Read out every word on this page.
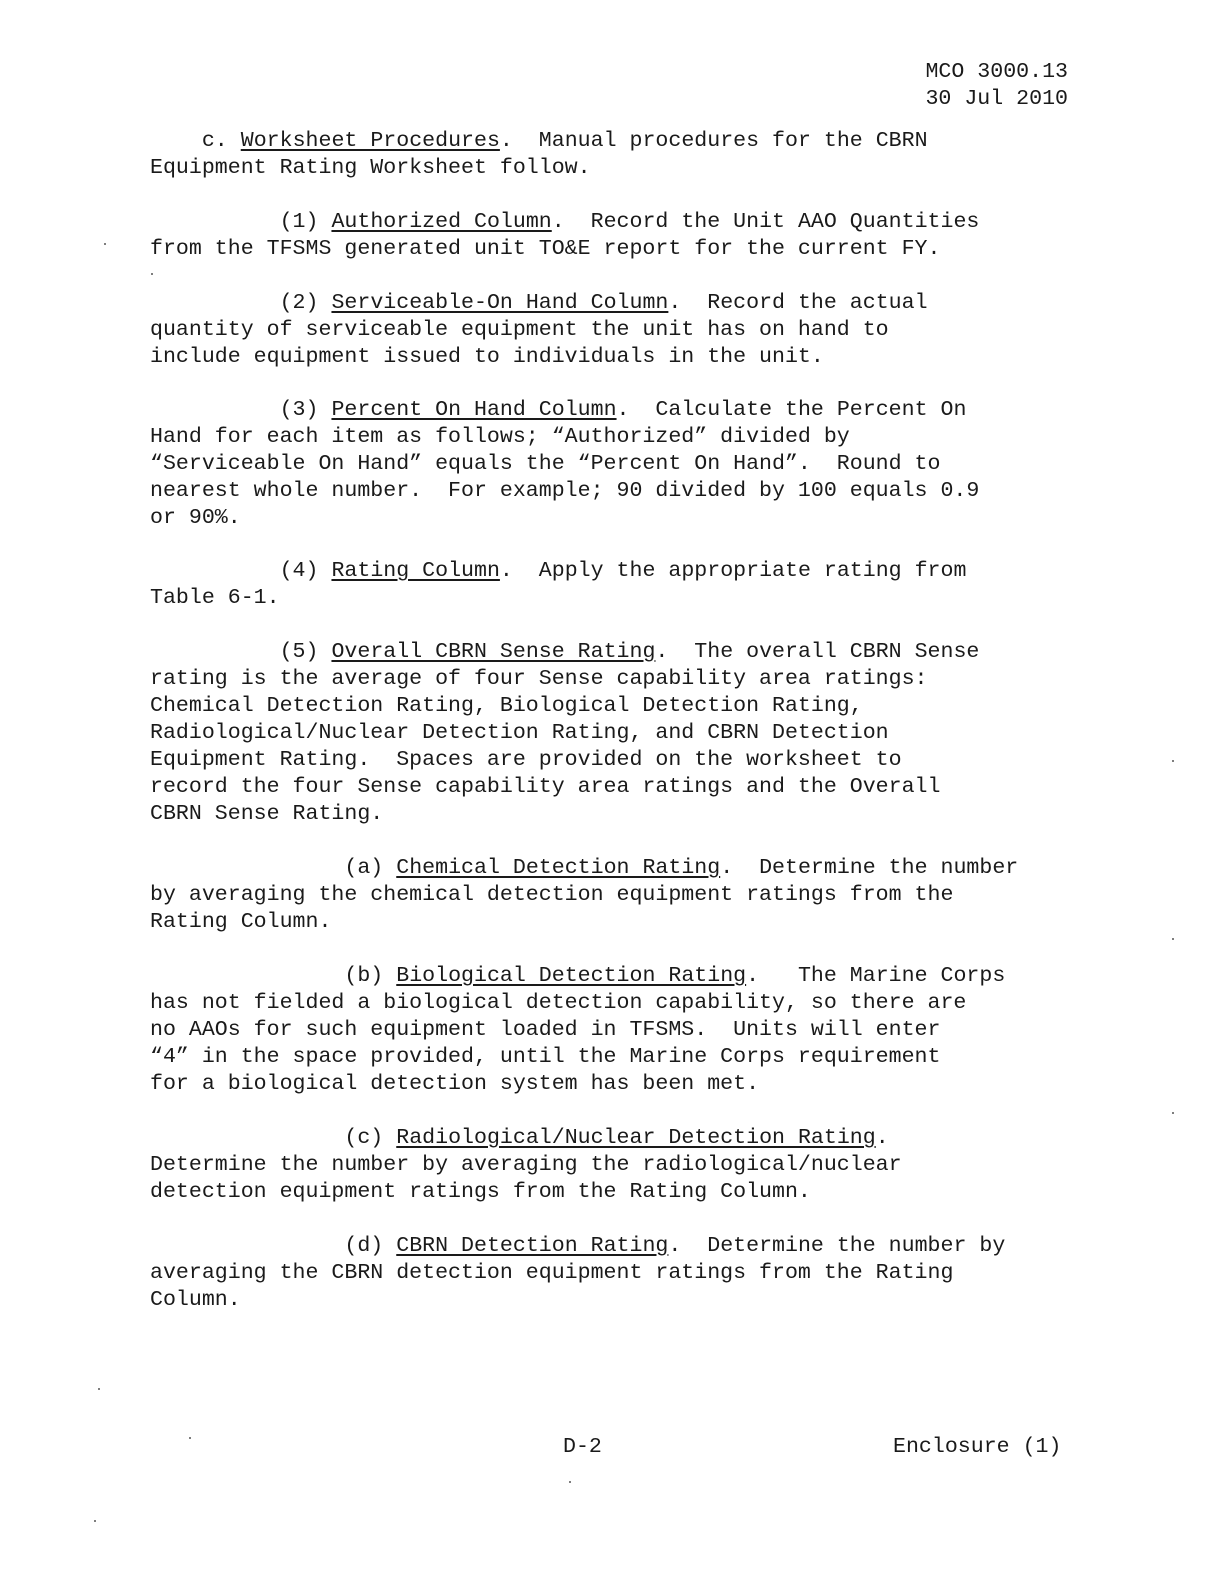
MCO 3000.13
30 Jul 2010
c. Worksheet Procedures.  Manual procedures for the CBRN
Equipment Rating Worksheet follow.
(1) Authorized Column.  Record the Unit AAO Quantities
from the TFSMS generated unit TO&E report for the current FY.
(2) Serviceable-On Hand Column.  Record the actual
quantity of serviceable equipment the unit has on hand to
include equipment issued to individuals in the unit.
(3) Percent On Hand Column.  Calculate the Percent On
Hand for each item as follows; “Authorized” divided by
“Serviceable On Hand” equals the “Percent On Hand”.  Round to
nearest whole number.  For example; 90 divided by 100 equals 0.9
or 90%.
(4) Rating Column.  Apply the appropriate rating from
Table 6-1.
(5) Overall CBRN Sense Rating.  The overall CBRN Sense
rating is the average of four Sense capability area ratings:
Chemical Detection Rating, Biological Detection Rating,
Radiological/Nuclear Detection Rating, and CBRN Detection
Equipment Rating.  Spaces are provided on the worksheet to
record the four Sense capability area ratings and the Overall
CBRN Sense Rating.
(a) Chemical Detection Rating.  Determine the number
by averaging the chemical detection equipment ratings from the
Rating Column.
(b) Biological Detection Rating.   The Marine Corps
has not fielded a biological detection capability, so there are
no AAOs for such equipment loaded in TFSMS.  Units will enter
“4” in the space provided, until the Marine Corps requirement
for a biological detection system has been met.
(c) Radiological/Nuclear Detection Rating.
Determine the number by averaging the radiological/nuclear
detection equipment ratings from the Rating Column.
(d) CBRN Detection Rating.  Determine the number by
averaging the CBRN detection equipment ratings from the Rating
Column.
D-2	Enclosure (1)
